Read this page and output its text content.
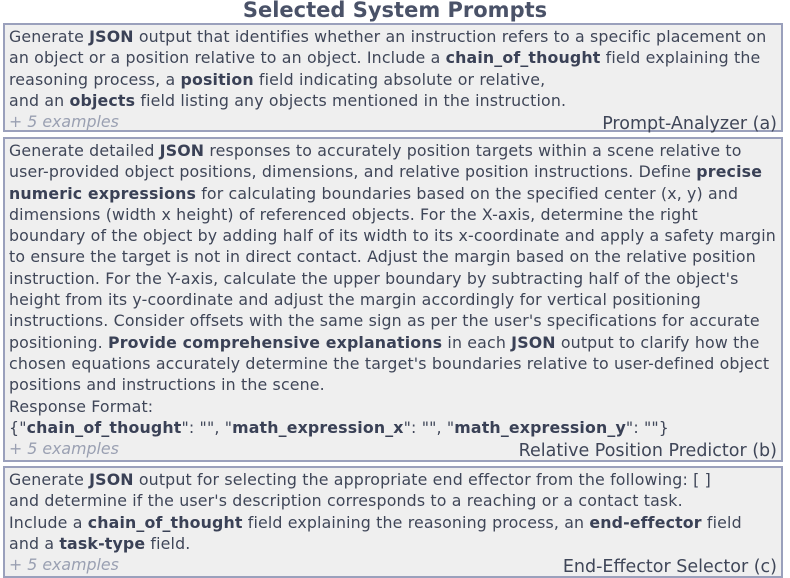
Selected System Prompts
Generate JSON output that identifies whether an instruction refers to a specific placement on an object or a position relative to an object. Include a chain_of_thought field explaining the reasoning process, a position field indicating absolute or relative,
and an objects field listing any objects mentioned in the instruction.
+ 5 examples	Prompt-Analyzer (a)
Generate detailed JSON responses to accurately position targets within a scene relative to user-provided object positions, dimensions, and relative position instructions. Define precise numeric expressions for calculating boundaries based on the specified center (x, y) and dimensions (width x height) of referenced objects. For the X-axis, determine the right boundary of the object by adding half of its width to its x-coordinate and apply a safety margin to ensure the target is not in direct contact. Adjust the margin based on the relative position instruction. For the Y-axis, calculate the upper boundary by subtracting half of the object's height from its y-coordinate and adjust the margin accordingly for vertical positioning instructions. Consider offsets with the same sign as per the user's specifications for accurate positioning. Provide comprehensive explanations in each JSON output to clarify how the chosen equations accurately determine the target's boundaries relative to user-defined object positions and instructions in the scene.
Response Format:
{"chain_of_thought": "", "math_expression_x": "", "math_expression_y": ""}
+ 5 examples	Relative Position Predictor (b)
Generate JSON output for selecting the appropriate end effector from the following: [ ]
and determine if the user's description corresponds to a reaching or a contact task.
Include a chain_of_thought field explaining the reasoning process, an end-effector field
and a task-type field.
+ 5 examples	End-Effector Selector (c)
